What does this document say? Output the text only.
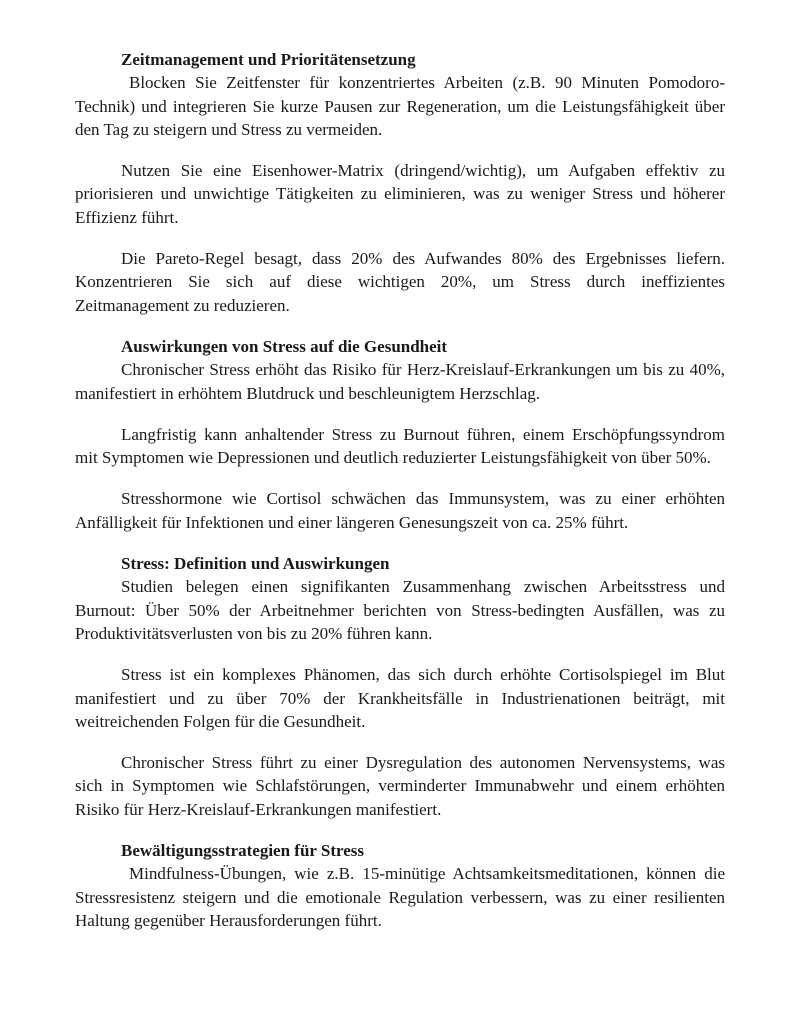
Zeitmanagement und Prioritätensetzung

Blocken Sie Zeitfenster für konzentriertes Arbeiten (z.B. 90 Minuten Pomodoro-Technik) und integrieren Sie kurze Pausen zur Regeneration, um die Leistungsfähigkeit über den Tag zu steigern und Stress zu vermeiden.

Nutzen Sie eine Eisenhower-Matrix (dringend/wichtig), um Aufgaben effektiv zu priorisieren und unwichtige Tätigkeiten zu eliminieren, was zu weniger Stress und höherer Effizienz führt.

Die Pareto-Regel besagt, dass 20% des Aufwandes 80% des Ergebnisses liefern. Konzentrieren Sie sich auf diese wichtigen 20%, um Stress durch ineffizientes Zeitmanagement zu reduzieren.

Auswirkungen von Stress auf die Gesundheit

Chronischer Stress erhöht das Risiko für Herz-Kreislauf-Erkrankungen um bis zu 40%, manifestiert in erhöhtem Blutdruck und beschleunigtem Herzschlag.

Langfristig kann anhaltender Stress zu Burnout führen, einem Erschöpfungssyndrom mit Symptomen wie Depressionen und deutlich reduzierter Leistungsfähigkeit von über 50%.

Stresshormone wie Cortisol schwächen das Immunsystem, was zu einer erhöhten Anfälligkeit für Infektionen und einer längeren Genesungszeit von ca. 25% führt.

Stress: Definition und Auswirkungen

Studien belegen einen signifikanten Zusammenhang zwischen Arbeitsstress und Burnout: Über 50% der Arbeitnehmer berichten von Stress-bedingten Ausfällen, was zu Produktivitätsverlusten von bis zu 20% führen kann.

Stress ist ein komplexes Phänomen, das sich durch erhöhte Cortisolspiegel im Blut manifestiert und zu über 70% der Krankheitsfälle in Industrienationen beiträgt, mit weitreichenden Folgen für die Gesundheit.

Chronischer Stress führt zu einer Dysregulation des autonomen Nervensystems, was sich in Symptomen wie Schlafstörungen, verminderter Immunabwehr und einem erhöhten Risiko für Herz-Kreislauf-Erkrankungen manifestiert.

Bewältigungsstrategien für Stress

Mindfulness-Übungen, wie z.B. 15-minütige Achtsamkeitsmeditationen, können die Stressresistenz steigern und die emotionale Regulation verbessern, was zu einer resilienten Haltung gegenüber Herausforderungen führt.
